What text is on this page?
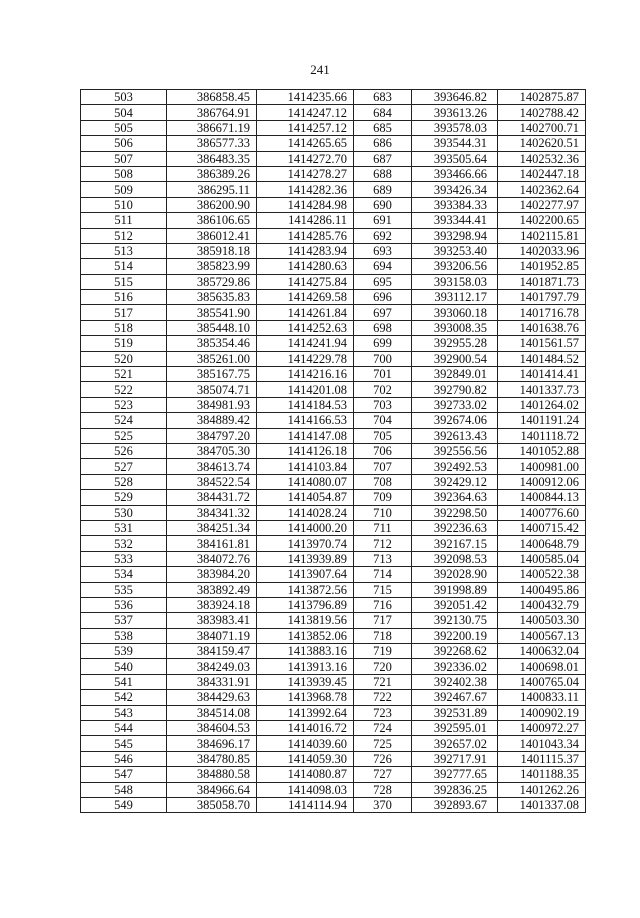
241
503	386858.45	1414235.66	683	393646.82	1402875.87
504	386764.91	1414247.12	684	393613.26	1402788.42
505	386671.19	1414257.12	685	393578.03	1402700.71
506	386577.33	1414265.65	686	393544.31	1402620.51
507	386483.35	1414272.70	687	393505.64	1402532.36
508	386389.26	1414278.27	688	393466.66	1402447.18
509	386295.11	1414282.36	689	393426.34	1402362.64
510	386200.90	1414284.98	690	393384.33	1402277.97
511	386106.65	1414286.11	691	393344.41	1402200.65
512	386012.41	1414285.76	692	393298.94	1402115.81
513	385918.18	1414283.94	693	393253.40	1402033.96
514	385823.99	1414280.63	694	393206.56	1401952.85
515	385729.86	1414275.84	695	393158.03	1401871.73
516	385635.83	1414269.58	696	393112.17	1401797.79
517	385541.90	1414261.84	697	393060.18	1401716.78
518	385448.10	1414252.63	698	393008.35	1401638.76
519	385354.46	1414241.94	699	392955.28	1401561.57
520	385261.00	1414229.78	700	392900.54	1401484.52
521	385167.75	1414216.16	701	392849.01	1401414.41
522	385074.71	1414201.08	702	392790.82	1401337.73
523	384981.93	1414184.53	703	392733.02	1401264.02
524	384889.42	1414166.53	704	392674.06	1401191.24
525	384797.20	1414147.08	705	392613.43	1401118.72
526	384705.30	1414126.18	706	392556.56	1401052.88
527	384613.74	1414103.84	707	392492.53	1400981.00
528	384522.54	1414080.07	708	392429.12	1400912.06
529	384431.72	1414054.87	709	392364.63	1400844.13
530	384341.32	1414028.24	710	392298.50	1400776.60
531	384251.34	1414000.20	711	392236.63	1400715.42
532	384161.81	1413970.74	712	392167.15	1400648.79
533	384072.76	1413939.89	713	392098.53	1400585.04
534	383984.20	1413907.64	714	392028.90	1400522.38
535	383892.49	1413872.56	715	391998.89	1400495.86
536	383924.18	1413796.89	716	392051.42	1400432.79
537	383983.41	1413819.56	717	392130.75	1400503.30
538	384071.19	1413852.06	718	392200.19	1400567.13
539	384159.47	1413883.16	719	392268.62	1400632.04
540	384249.03	1413913.16	720	392336.02	1400698.01
541	384331.91	1413939.45	721	392402.38	1400765.04
542	384429.63	1413968.78	722	392467.67	1400833.11
543	384514.08	1413992.64	723	392531.89	1400902.19
544	384604.53	1414016.72	724	392595.01	1400972.27
545	384696.17	1414039.60	725	392657.02	1401043.34
546	384780.85	1414059.30	726	392717.91	1401115.37
547	384880.58	1414080.87	727	392777.65	1401188.35
548	384966.64	1414098.03	728	392836.25	1401262.26
549	385058.70	1414114.94	370	392893.67	1401337.08
